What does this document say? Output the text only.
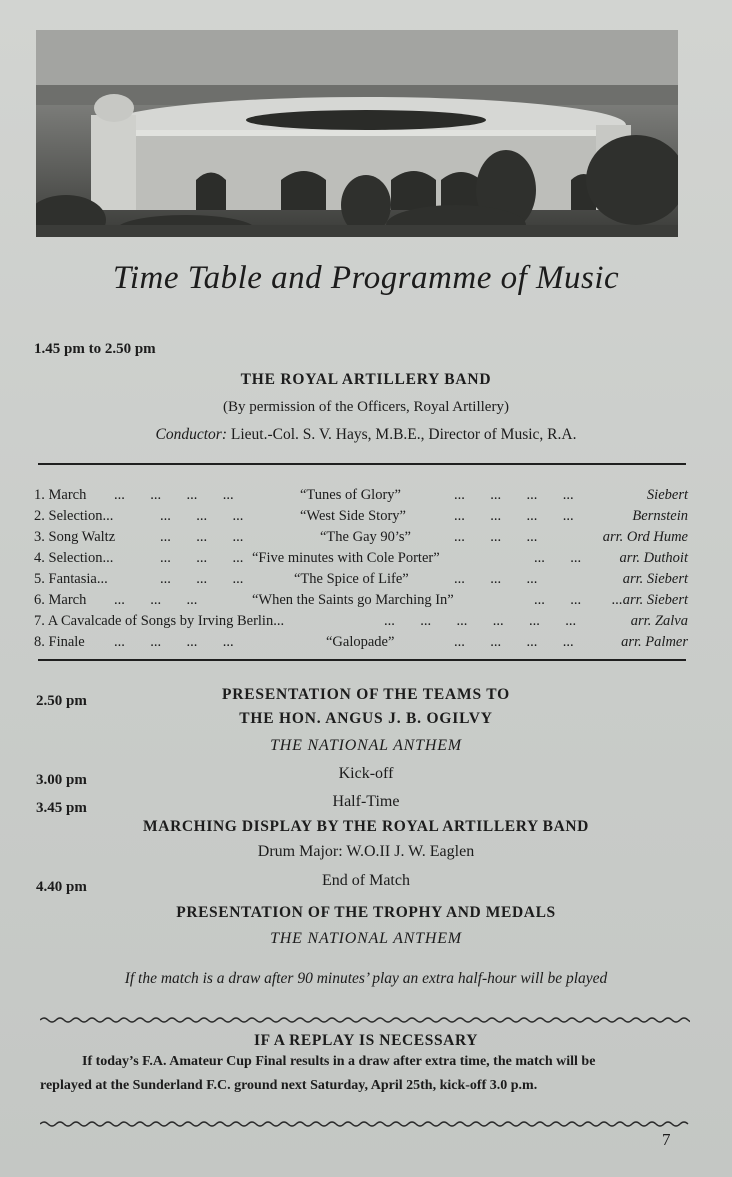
Time Table and Programme of Music
1.45 pm to 2.50 pm
THE ROYAL ARTILLERY BAND
(By permission of the Officers, Royal Artillery)
Conductor: Lieut.-Col. S. V. Hays, M.B.E., Director of Music, R.A.
1. March ...       ...       ...       ...	“Tunes of Glory”	...       ...       ...       ...	Siebert
2. Selection...	...       ...       ...	“West Side Story”	...       ...       ...       ...	Bernstein
3. Song Waltz	...       ...       ...	“The Gay 90’s”	...       ...       ...	arr. Ord Hume
4. Selection...	...       ...       ... “Five minutes with Cole Porter”	...       ...	arr. Duthoit
5. Fantasia...	...       ...       ...	“The Spice of Life”	...       ...       ...	arr. Siebert
6. March ...       ...       ...	“When the Saints go Marching In”	...       ... ...arr. Siebert
7. A Cavalcade of Songs by Irving Berlin...	...       ...       ...       ...       ...       ...	arr. Zalva
8. Finale ...       ...       ...       ...	“Galopade”	...       ...       ...       ...	arr. Palmer
2.50 pm	PRESENTATION OF THE TEAMS TO
THE HON. ANGUS J. B. OGILVY
THE NATIONAL ANTHEM
3.00 pm	Kick-off
3.45 pm	Half-Time
MARCHING DISPLAY BY THE ROYAL ARTILLERY BAND
Drum Major: W.O.II J. W. Eaglen
4.40 pm	End of Match
PRESENTATION OF THE TROPHY AND MEDALS
THE NATIONAL ANTHEM
If the match is a draw after 90 minutes’ play an extra half-hour will be played
IF A REPLAY IS NECESSARY
If today’s F.A. Amateur Cup Final results in a draw after extra time, the match will be
replayed at the Sunderland F.C. ground next Saturday, April 25th, kick-off 3.0 p.m.
7
